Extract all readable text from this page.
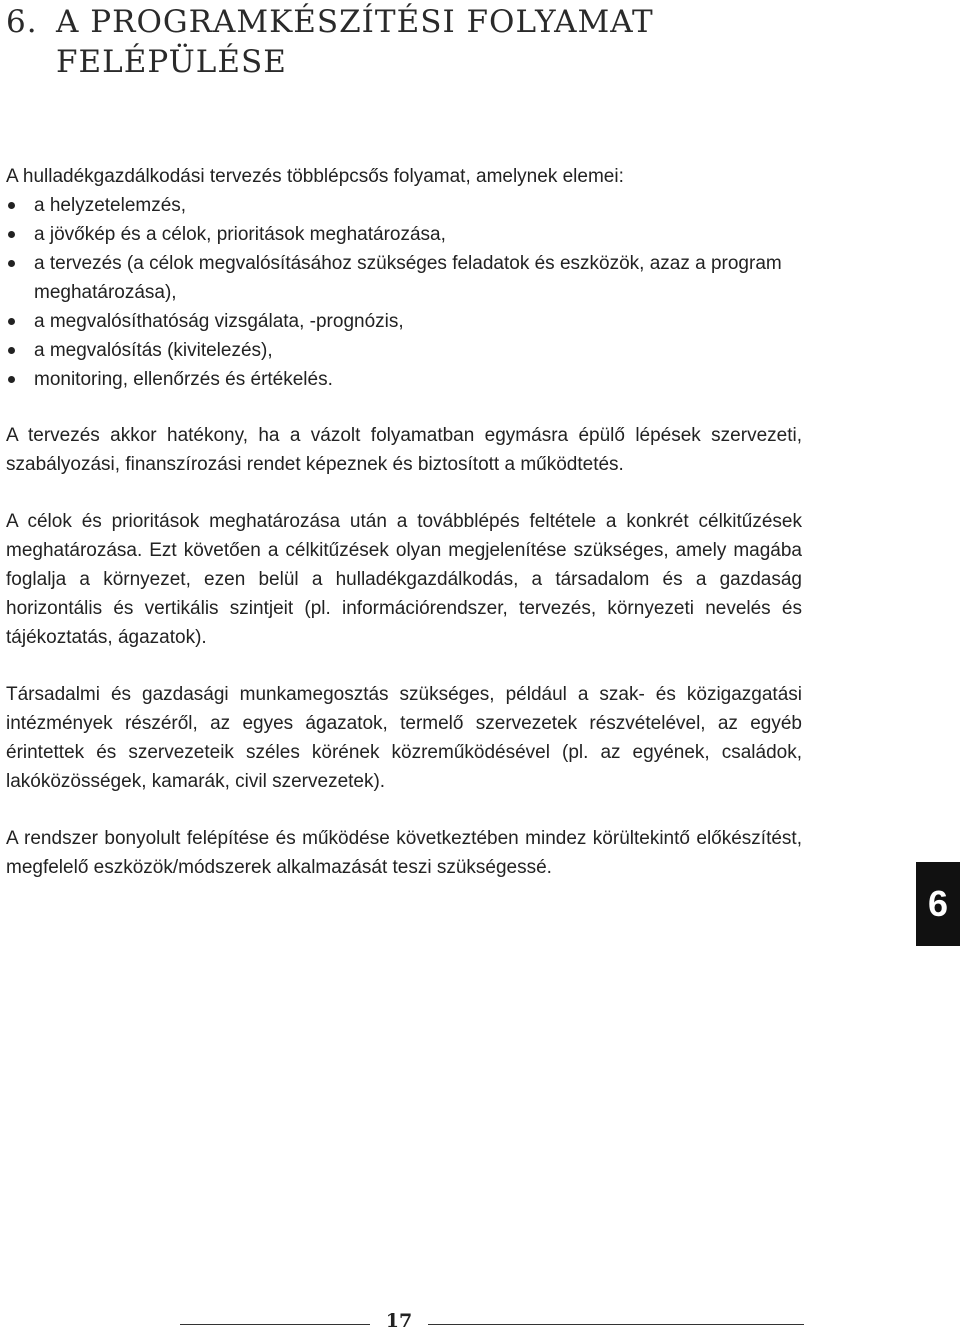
6. A PROGRAMKÉSZÍTÉSI FOLYAMAT
FELÉPÜLÉSE

A hulladékgazdálkodási tervezés többlépcsős folyamat, amelynek elemei:

a helyzetelemzés,
a jövőkép és a célok, prioritások meghatározása,
a tervezés (a célok megvalósításához szükséges feladatok és eszközök, azaz a program meghatározása),
a megvalósíthatóság vizsgálata, -prognózis,
a megvalósítás (kivitelezés),
monitoring, ellenőrzés és értékelés.

A tervezés akkor hatékony, ha a vázolt folyamatban egymásra épülő lépések szervezeti, szabályozási, finanszírozási rendet képeznek és biztosított a működtetés.

A célok és prioritások meghatározása után a továbblépés feltétele a konkrét célkitűzések meghatározása. Ezt követően a célkitűzések olyan megjelenítése szükséges, amely magába foglalja a környezet, ezen belül a hulladékgazdálkodás, a társadalom és a gazdaság horizontális és vertikális szintjeit (pl. információrendszer, tervezés, környezeti nevelés és tájékoztatás, ágazatok).

Társadalmi és gazdasági munkamegosztás szükséges, például a szak- és közigazgatási intézmények részéről, az egyes ágazatok, termelő szervezetek részvételével, az egyéb érintettek és szervezeteik széles körének közreműködésével (pl. az egyének, családok, lakóközösségek, kamarák, civil szervezetek).

A rendszer bonyolult felépítése és működése következtében mindez körültekintő előkészítést, megfelelő eszközök/módszerek alkalmazását teszi szükségessé.

6
17
